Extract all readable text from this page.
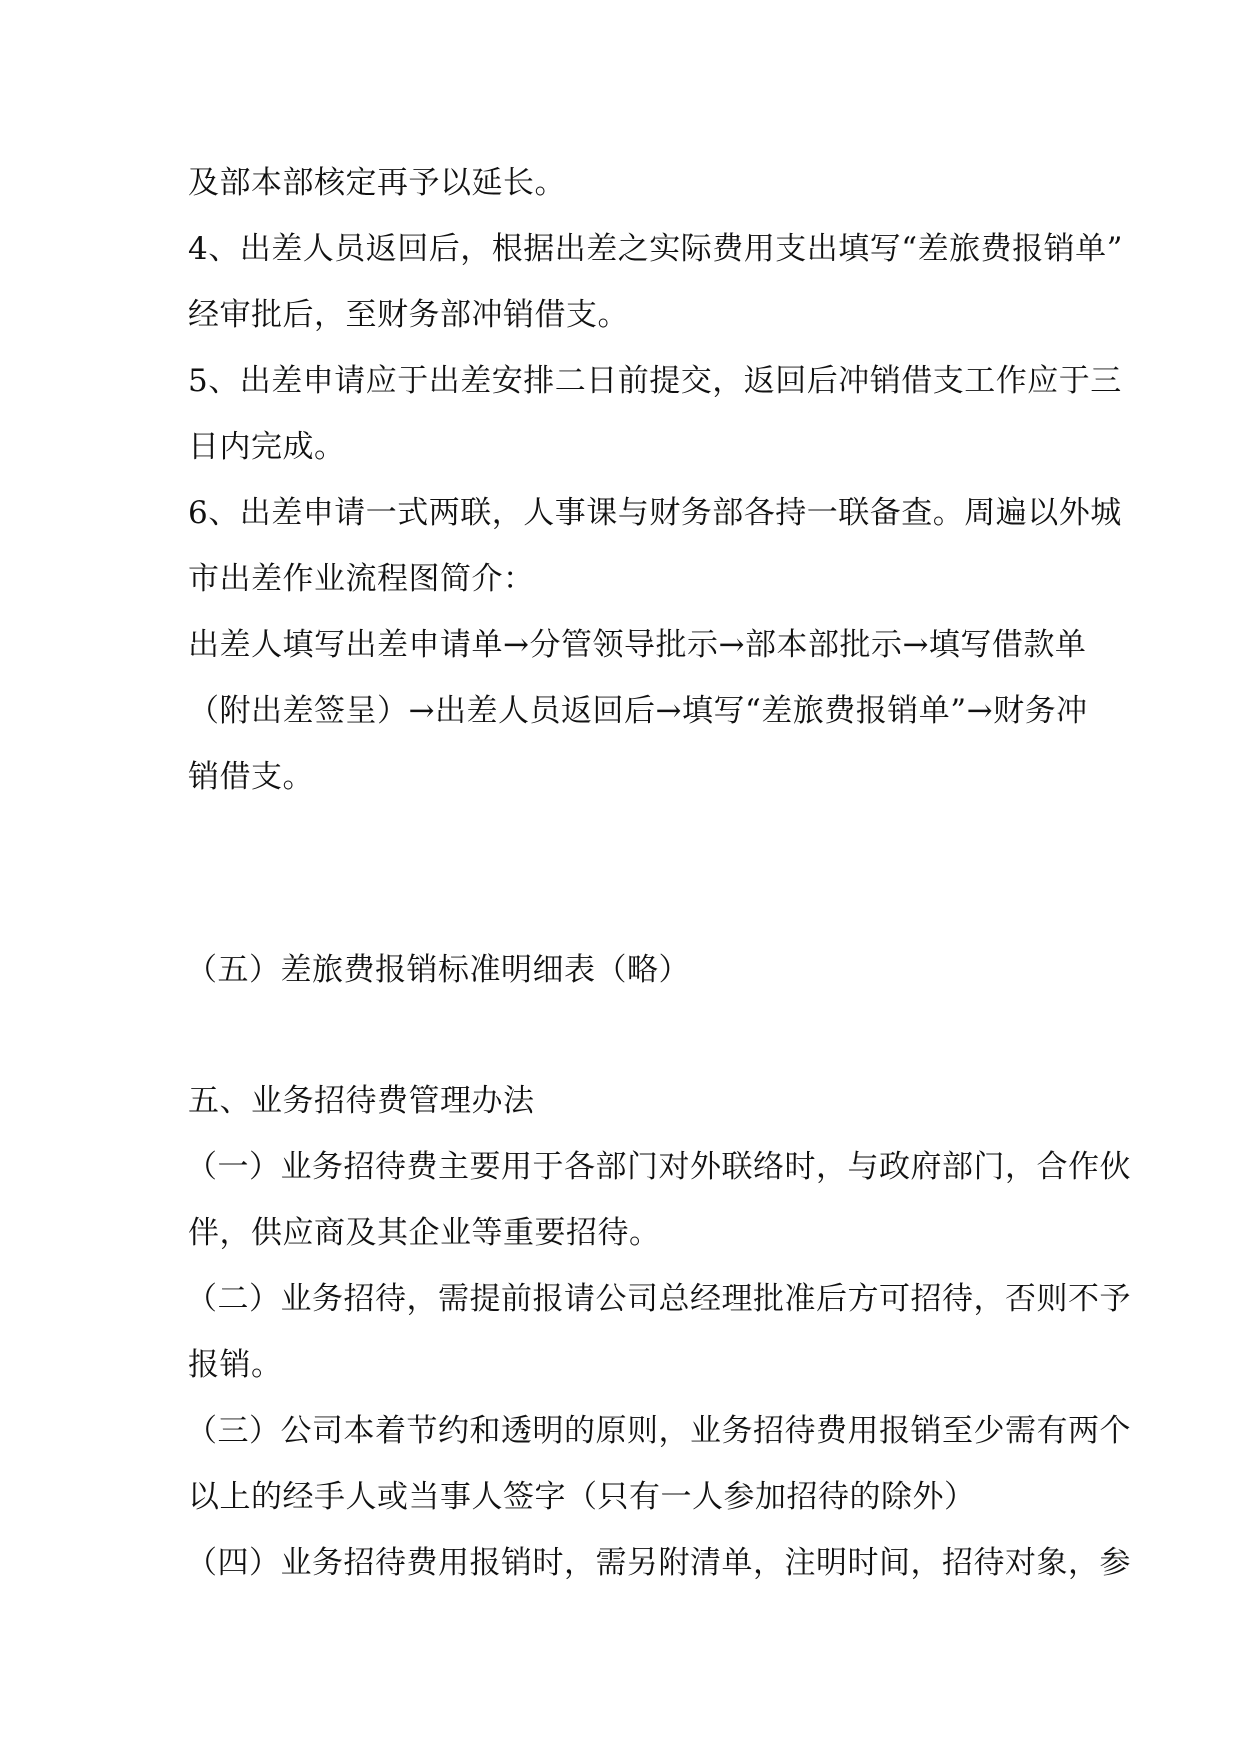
及部本部核定再予以延长。
4、出差人员返回后，根据出差之实际费用支出填写“差旅费报销单”
经审批后，至财务部冲销借支。
5、出差申请应于出差安排二日前提交，返回后冲销借支工作应于三
日内完成。
6、出差申请一式两联，人事课与财务部各持一联备查。周遍以外城
市出差作业流程图简介：
出差人填写出差申请单→分管领导批示→部本部批示→填写借款单
（附出差签呈）→出差人员返回后→填写“差旅费报销单”→财务冲
销借支。
（五）差旅费报销标准明细表（略）
五、业务招待费管理办法
（一）业务招待费主要用于各部门对外联络时，与政府部门，合作伙
伴，供应商及其企业等重要招待。
（二）业务招待，需提前报请公司总经理批准后方可招待，否则不予
报销。
（三）公司本着节约和透明的原则，业务招待费用报销至少需有两个
以上的经手人或当事人签字（只有一人参加招待的除外）
（四）业务招待费用报销时，需另附清单，注明时间，招待对象，参
